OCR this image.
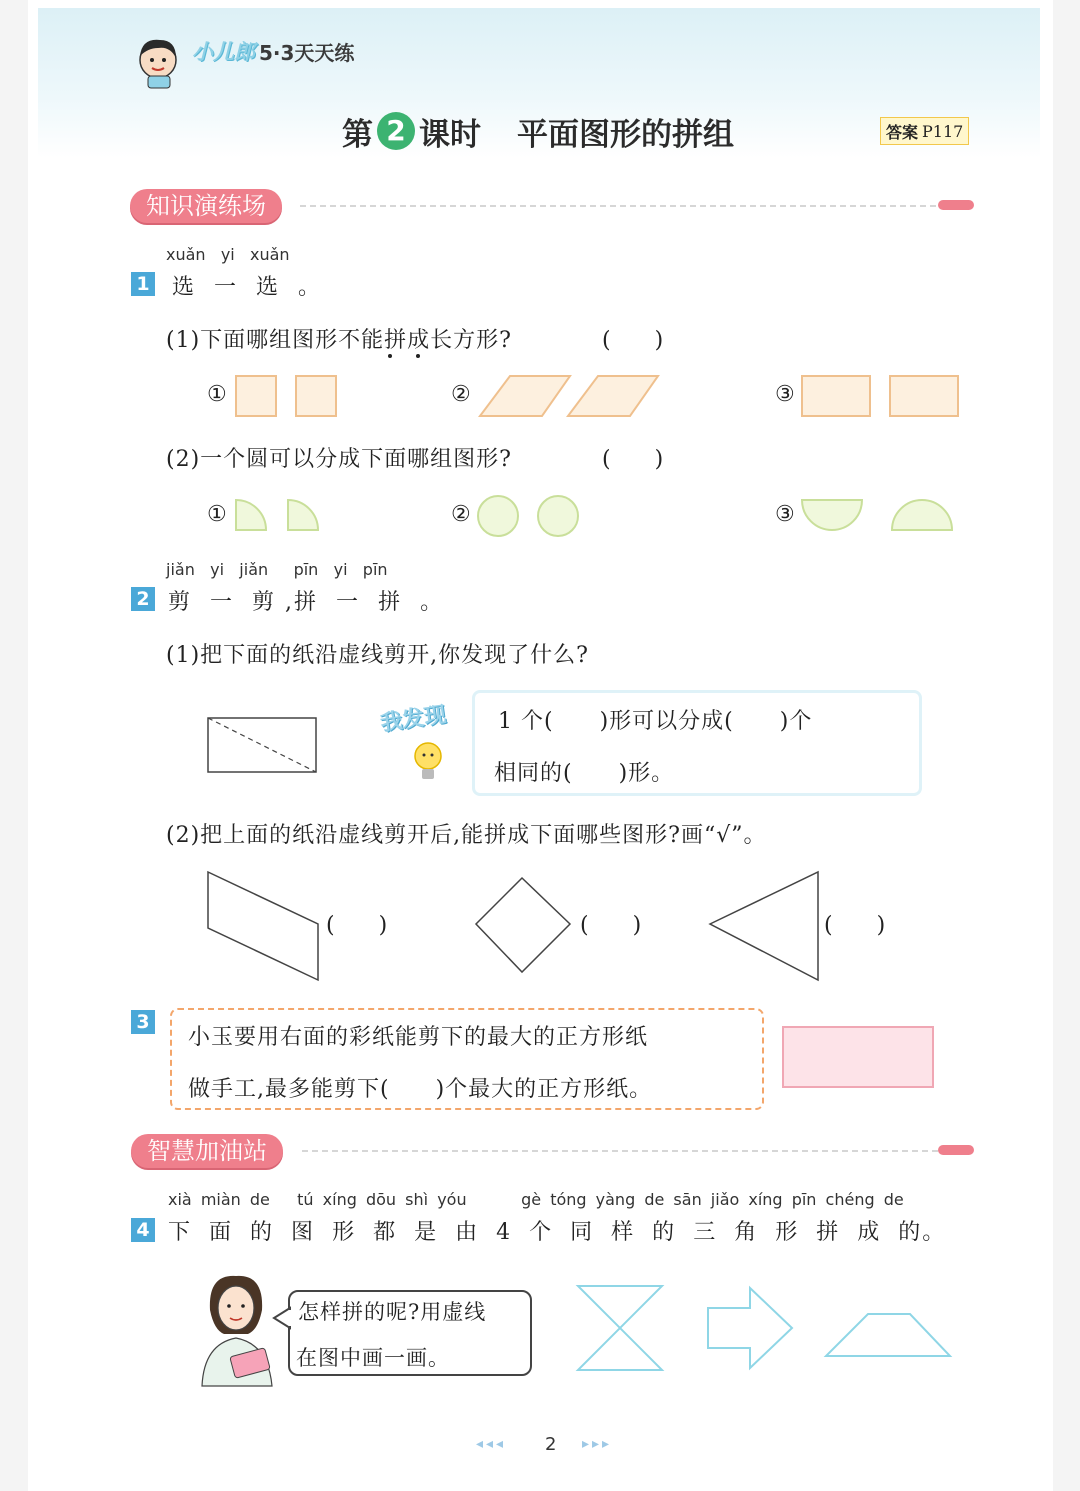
小儿郎 5·3天天练
第 2 课时 平面图形的拼组	答案 P117
知识演练场
xuǎn yi xuǎn
1 选 一 选 。
(1)下面哪组图形不能拼成长方形?	(　　)
①	②	③
(2)一个圆可以分成下面哪组图形?	(　　)
①	②	③
jiǎn yi jiǎn pīn yi pīn
2 剪 一 剪 ,拼 一 拼 。
(1)把下面的纸沿虚线剪开,你发现了什么?
我发现 1 个(　　)形可以分成(　　)个
相同的(　　)形。
(2)把上面的纸沿虚线剪开后,能拼成下面哪些图形?画“√”。
(　　)	(　　)	(　　)
3
小玉要用右面的彩纸能剪下的最大的正方形纸
做手工,最多能剪下(　　)个最大的正方形纸。
智慧加油站
xià miàn de tú xíng dōu shì yóu	gè tóng yàng de sān jiǎo xíng pīn chéng de
4 下 面 的 图 形 都 是 由 4 个 同 样 的 三 角 形 拼 成 的。
怎样拼的呢?用虚线
在图中画一画。
◂◂◂ 2 ▸▸▸
